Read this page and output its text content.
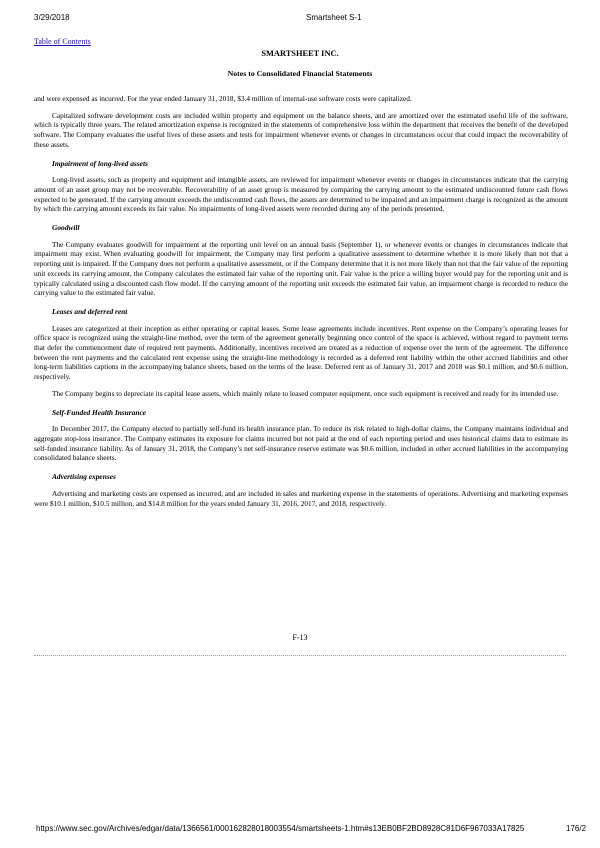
3/29/2018	Smartsheet S-1
Table of Contents
SMARTSHEET INC.
Notes to Consolidated Financial Statements

and were expensed as incurred. For the year ended January 31, 2018, $3.4 million of internal-use software costs were capitalized.

Capitalized software development costs are included within property and equipment on the balance sheets, and are amortized over the estimated useful life of the software, which is typically three years. The related amortization expense is recognized in the statements of comprehensive loss within the department that receives the benefit of the developed software. The Company evaluates the useful lives of these assets and tests for impairment whenever events or changes in circumstances occur that could impact the recoverability of these assets.

Impairment of long-lived assets

Long-lived assets, such as property and equipment and intangible assets, are reviewed for impairment whenever events or changes in circumstances indicate that the carrying amount of an asset group may not be recoverable. Recoverability of an asset group is measured by comparing the carrying amount to the estimated undiscounted future cash flows expected to be generated. If the carrying amount exceeds the undiscounted cash flows, the assets are determined to be impaired and an impairment charge is recognized as the amount by which the carrying amount exceeds its fair value. No impairments of long-lived assets were recorded during any of the periods presented.

Goodwill

The Company evaluates goodwill for impairment at the reporting unit level on an annual basis (September 1), or whenever events or changes in circumstances indicate that impairment may exist. When evaluating goodwill for impairment, the Company may first perform a qualitative assessment to determine whether it is more likely than not that a reporting unit is impaired. If the Company does not perform a qualitative assessment, or if the Company determine that it is not more likely than not that the fair value of the reporting unit exceeds its carrying amount, the Company calculates the estimated fair value of the reporting unit. Fair value is the price a willing buyer would pay for the reporting unit and is typically calculated using a discounted cash flow model. If the carrying amount of the reporting unit exceeds the estimated fair value, an impairment charge is recorded to reduce the carrying value to the estimated fair value.

Leases and deferred rent

Leases are categorized at their inception as either operating or capital leases. Some lease agreements include incentives. Rent expense on the Company’s operating leases for office space is recognized using the straight-line method, over the term of the agreement generally beginning once control of the space is achieved, without regard to payment terms that defer the commencement date of required rent payments. Additionally, incentives received are treated as a reduction of expense over the term of the agreement. The difference between the rent payments and the calculated rent expense using the straight-line methodology is recorded as a deferred rent liability within the other accrued liabilities and other long-term liabilities captions in the accompanying balance sheets, based on the terms of the lease. Deferred rent as of January 31, 2017 and 2018 was $0.1 million, and $0.6 million, respectively.

The Company begins to depreciate its capital lease assets, which mainly relate to leased computer equipment, once such equipment is received and ready for its intended use.

Self-Funded Health Insurance

In December 2017, the Company elected to partially self-fund its health insurance plan. To reduce its risk related to high-dollar claims, the Company maintains individual and aggregate stop-loss insurance. The Company estimates its exposure for claims incurred but not paid at the end of each reporting period and uses historical claims data to estimate its self-funded insurance liability. As of January 31, 2018, the Company’s net self-insurance reserve estimate was $0.6 million, included in other accrued liabilities in the accompanying consolidated balance sheets.

Advertising expenses

Advertising and marketing costs are expensed as incurred, and are included in sales and marketing expense in the statements of operations. Advertising and marketing expenses were $10.1 million, $10.5 million, and $14.8 million for the years ended January 31, 2016, 2017, and 2018, respectively.

F-13
https://www.sec.gov/Archives/edgar/data/1366561/000162828018003554/smartsheets-1.htm#s13EB0BF2BD8928C81D6F967033A17825	176/2
